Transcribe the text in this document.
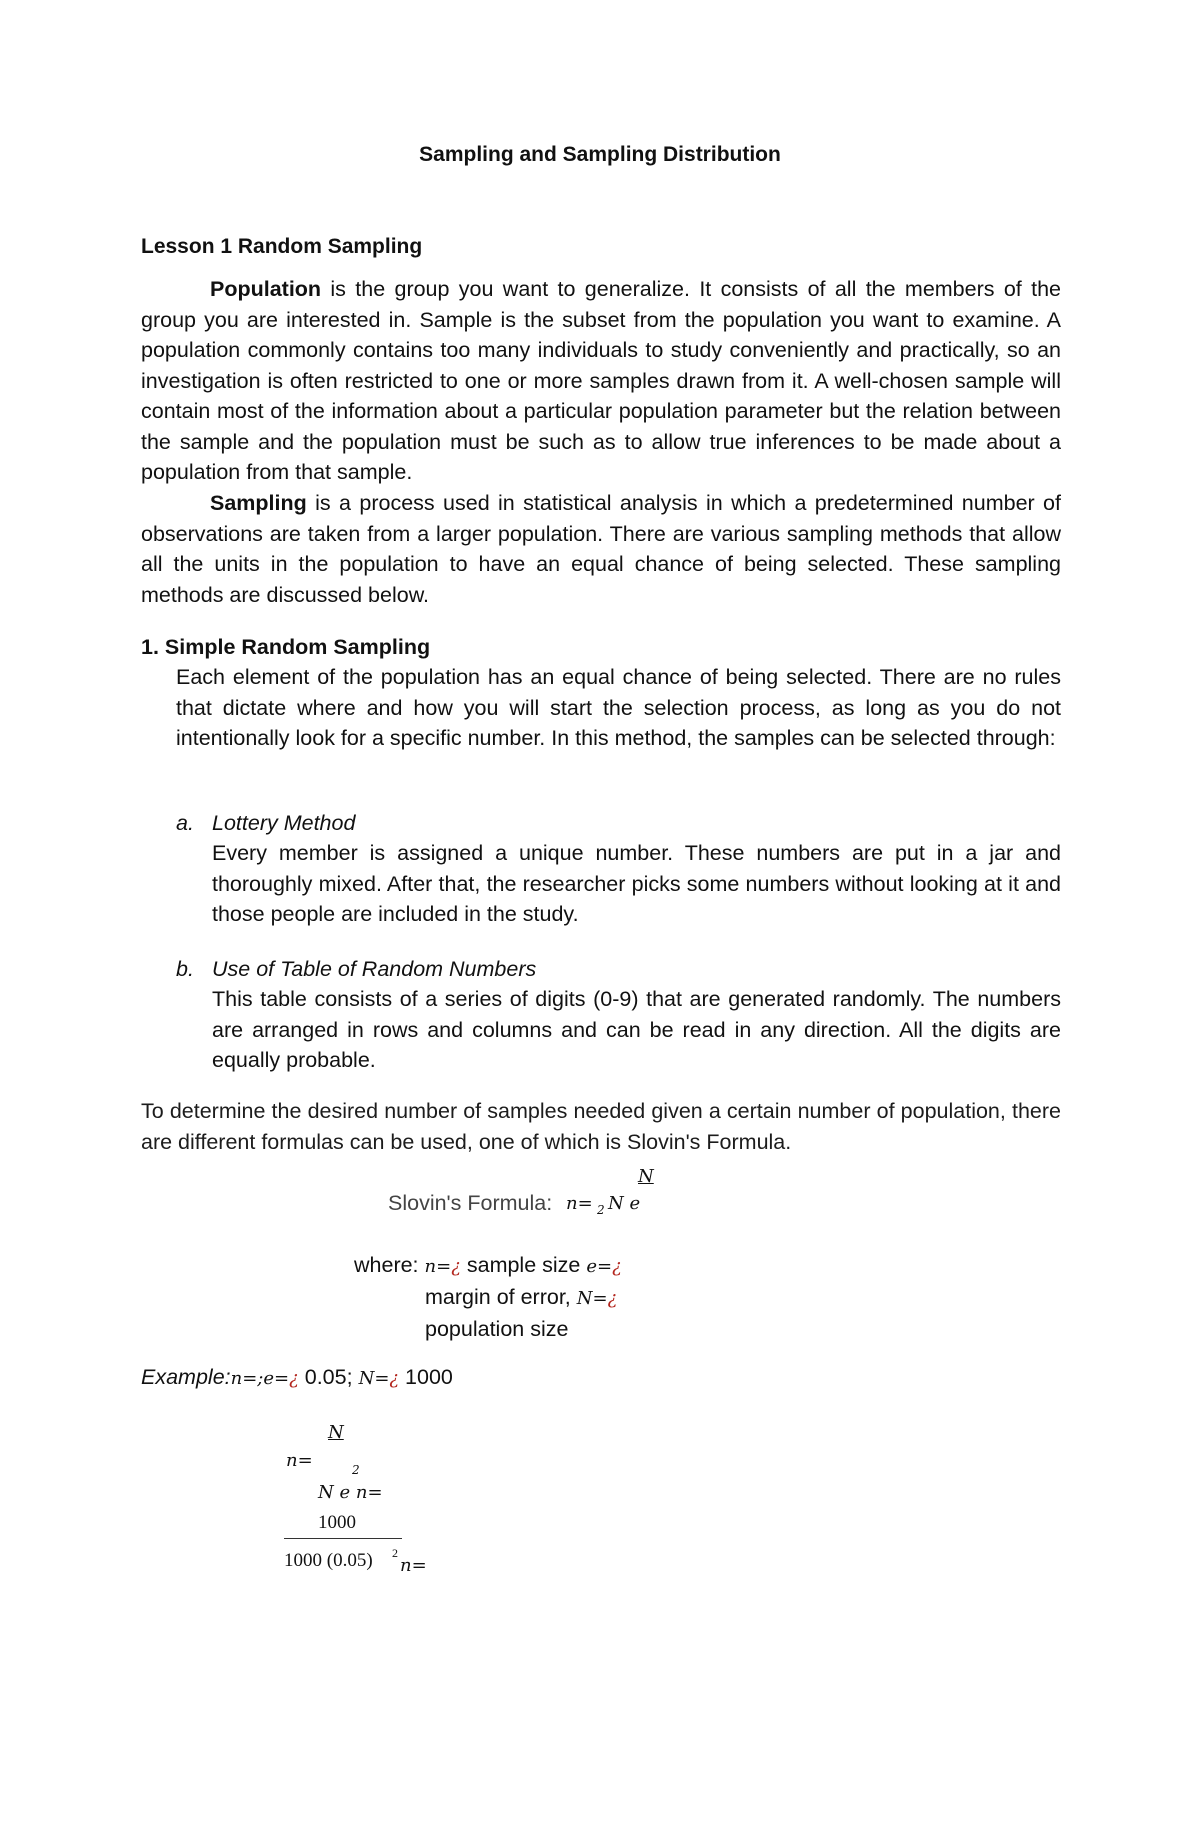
Sampling and Sampling Distribution
Lesson 1 Random Sampling
Population is the group you want to generalize. It consists of all the members of the group you are interested in. Sample is the subset from the population you want to examine. A population commonly contains too many individuals to study conveniently and practically, so an investigation is often restricted to one or more samples drawn from it. A well-chosen sample will contain most of the information about a particular population parameter but the relation between the sample and the population must be such as to allow true inferences to be made about a population from that sample.
Sampling is a process used in statistical analysis in which a predetermined number of observations are taken from a larger population. There are various sampling methods that allow all the units in the population to have an equal chance of being selected. These sampling methods are discussed below.
1. Simple Random Sampling
Each element of the population has an equal chance of being selected. There are no rules that dictate where and how you will start the selection process, as long as you do not intentionally look for a specific number. In this method, the samples can be selected through:
a. Lottery Method
Every member is assigned a unique number. These numbers are put in a jar and thoroughly mixed. After that, the researcher picks some numbers without looking at it and those people are included in the study.
b. Use of Table of Random Numbers
This table consists of a series of digits (0-9) that are generated randomly. The numbers are arranged in rows and columns and can be read in any direction. All the digits are equally probable.
To determine the desired number of samples needed given a certain number of population, there are different formulas can be used, one of which is Slovin's Formula.
N
Slovin's Formula: n= 2 N e
where: n=¿ sample size e=¿
margin of error, N=¿
population size
Example:n=;e=¿ 0.05; N=¿ 1000
N
n=	2
N e n=
1000
1000 (0.05) 2
n=
